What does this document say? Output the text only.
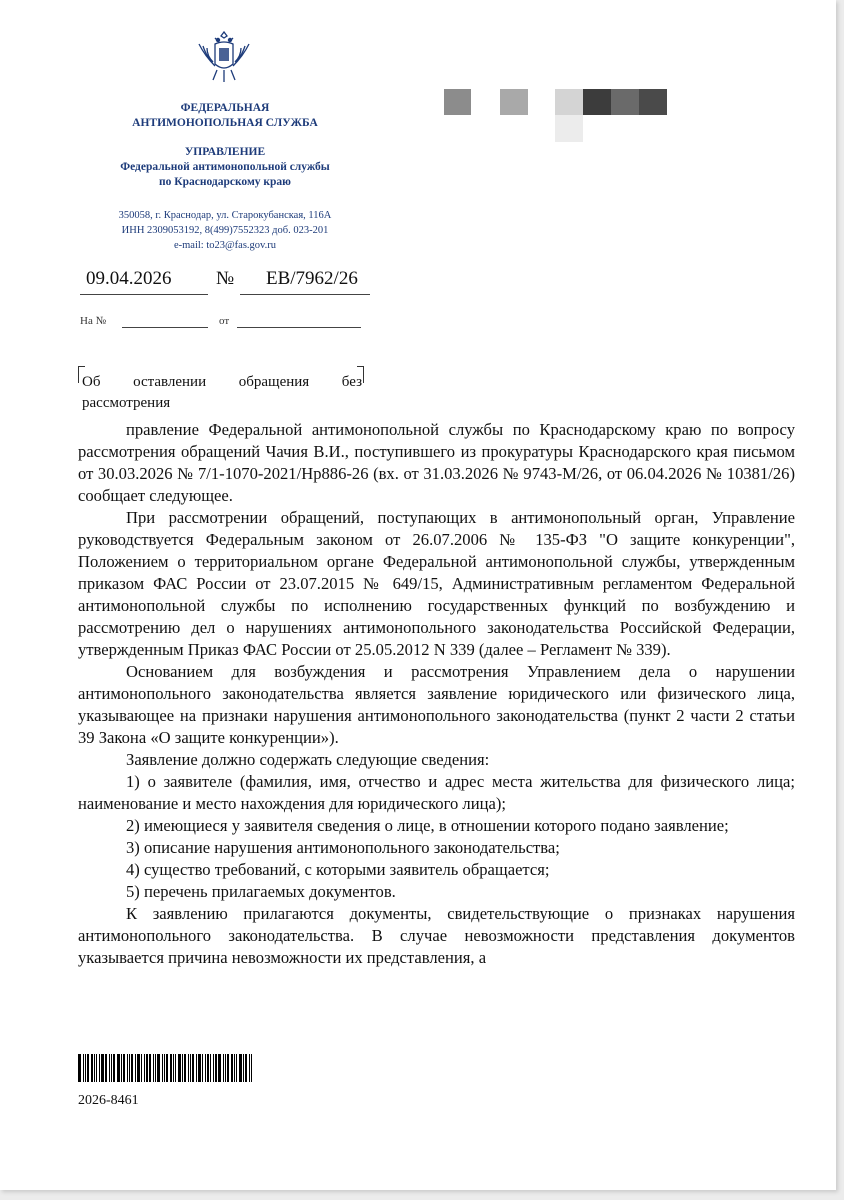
ФЕДЕРАЛЬНАЯ
АНТИМОНОПОЛЬНАЯ СЛУЖБА
УПРАВЛЕНИЕ
Федеральной антимонопольной службы
по Краснодарскому краю
350058, г. Краснодар, ул. Старокубанская, 116А
ИНН 2309053192, 8(499)7552323 доб. 023-201
e-mail: to23@fas.gov.ru
09.04.2026 № ЕВ/7962/26
На №	от
Об оставлении обращения без рассмотрения

правление Федеральной антимонопольной службы по Краснодарскому краю по вопросу рассмотрения обращений Чачия В.И., поступившего из прокуратуры Краснодарского края письмом от 30.03.2026 № 7/1-1070-2021/Нр886-26 (вх. от 31.03.2026 № 9743-М/26, от 06.04.2026 № 10381/26) сообщает следующее.

При рассмотрении обращений, поступающих в антимонопольный орган, Управление руководствуется Федеральным законом от 26.07.2006 № 135-ФЗ "О защите конкуренции", Положением о территориальном органе Федеральной антимонопольной службы, утвержденным приказом ФАС России от 23.07.2015 № 649/15, Административным регламентом Федеральной антимонопольной службы по исполнению государственных функций по возбуждению и рассмотрению дел о нарушениях антимонопольного законодательства Российской Федерации, утвержденным Приказ ФАС России от 25.05.2012 N 339 (далее – Регламент № 339).

Основанием для возбуждения и рассмотрения Управлением дела о нарушении антимонопольного законодательства является заявление юридического или физического лица, указывающее на признаки нарушения антимонопольного законодательства (пункт 2 части 2 статьи 39 Закона «О защите конкуренции»).

Заявление должно содержать следующие сведения:

1) о заявителе (фамилия, имя, отчество и адрес места жительства для физического лица; наименование и место нахождения для юридического лица);

2) имеющиеся у заявителя сведения о лице, в отношении которого подано заявление;

3) описание нарушения антимонопольного законодательства;

4) существо требований, с которыми заявитель обращается;

5) перечень прилагаемых документов.

К заявлению прилагаются документы, свидетельствующие о признаках нарушения антимонопольного законодательства. В случае невозможности представления документов указывается причина невозможности их представления, а

2026-8461
